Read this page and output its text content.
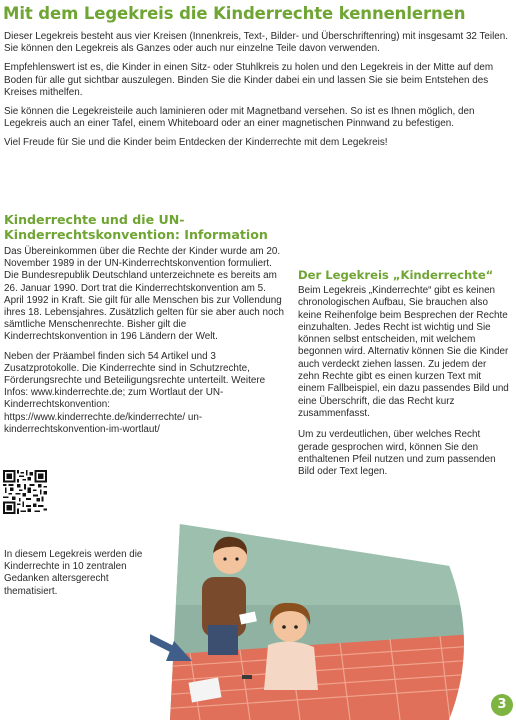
Mit dem Legekreis die Kinderrechte kennenlernen

Dieser Legekreis besteht aus vier Kreisen (Innenkreis, Text-, Bilder- und Überschriftenring) mit insgesamt 32 Teilen. Sie können den Legekreis als Ganzes oder auch nur einzelne Teile davon verwenden.

Empfehlenswert ist es, die Kinder in einen Sitz- oder Stuhlkreis zu holen und den Legekreis in der Mitte auf dem Boden für alle gut sichtbar auszulegen. Binden Sie die Kinder dabei ein und lassen Sie sie beim Entstehen des Kreises mithelfen.

Sie können die Legekreisteile auch laminieren oder mit Magnetband versehen. So ist es Ihnen möglich, den Legekreis auch an einer Tafel, einem Whiteboard oder an einer magnetischen Pinnwand zu befestigen.

Viel Freude für Sie und die Kinder beim Entdecken der Kinderrechte mit dem Legekreis!

Kinderrechte und die UN-Kinderrechtskonvention: Information

Das Übereinkommen über die Rechte der Kinder wurde am 20. November 1989 in der UN-Kinderrechtskonvention formuliert. Die Bundesrepublik Deutschland unterzeichnete es bereits am 26. Januar 1990. Dort trat die Kinderrechtskonvention am 5. April 1992 in Kraft. Sie gilt für alle Menschen bis zur Vollendung ihres 18. Lebensjahres. Zusätzlich gelten für sie aber auch noch sämtliche Menschenrechte. Bisher gilt die Kinderrechtskonvention in 196 Ländern der Welt.

Neben der Präambel finden sich 54 Artikel und 3 Zusatzprotokolle. Die Kinderrechte sind in Schutzrechte, Förderungsrechte und Beteiligungsrechte unterteilt. Weitere Infos: www.kinderrechte.de; zum Wortlaut der UN-Kinderrechtskonvention: https://www.kinderrechte.de/kinderrechte/ un-kinderrechtskonvention-im-wortlaut/

Der Legekreis „Kinderrechte“

Beim Legekreis „Kinderrechte“ gibt es keinen chronologischen Aufbau, Sie brauchen also keine Reihenfolge beim Besprechen der Rechte einzuhalten. Jedes Recht ist wichtig und Sie können selbst entscheiden, mit welchem begonnen wird. Alternativ können Sie die Kinder auch verdeckt ziehen lassen. Zu jedem der zehn Rechte gibt es einen kurzen Text mit einem Fallbeispiel, ein dazu passendes Bild und eine Überschrift, die das Recht kurz zusammenfasst.

Um zu verdeutlichen, über welches Recht gerade gesprochen wird, können Sie den enthaltenen Pfeil nutzen und zum passenden Bild oder Text legen.

In diesem Legekreis werden die Kinderrechte in 10 zentralen Gedanken altersgerecht thematisiert.
3
